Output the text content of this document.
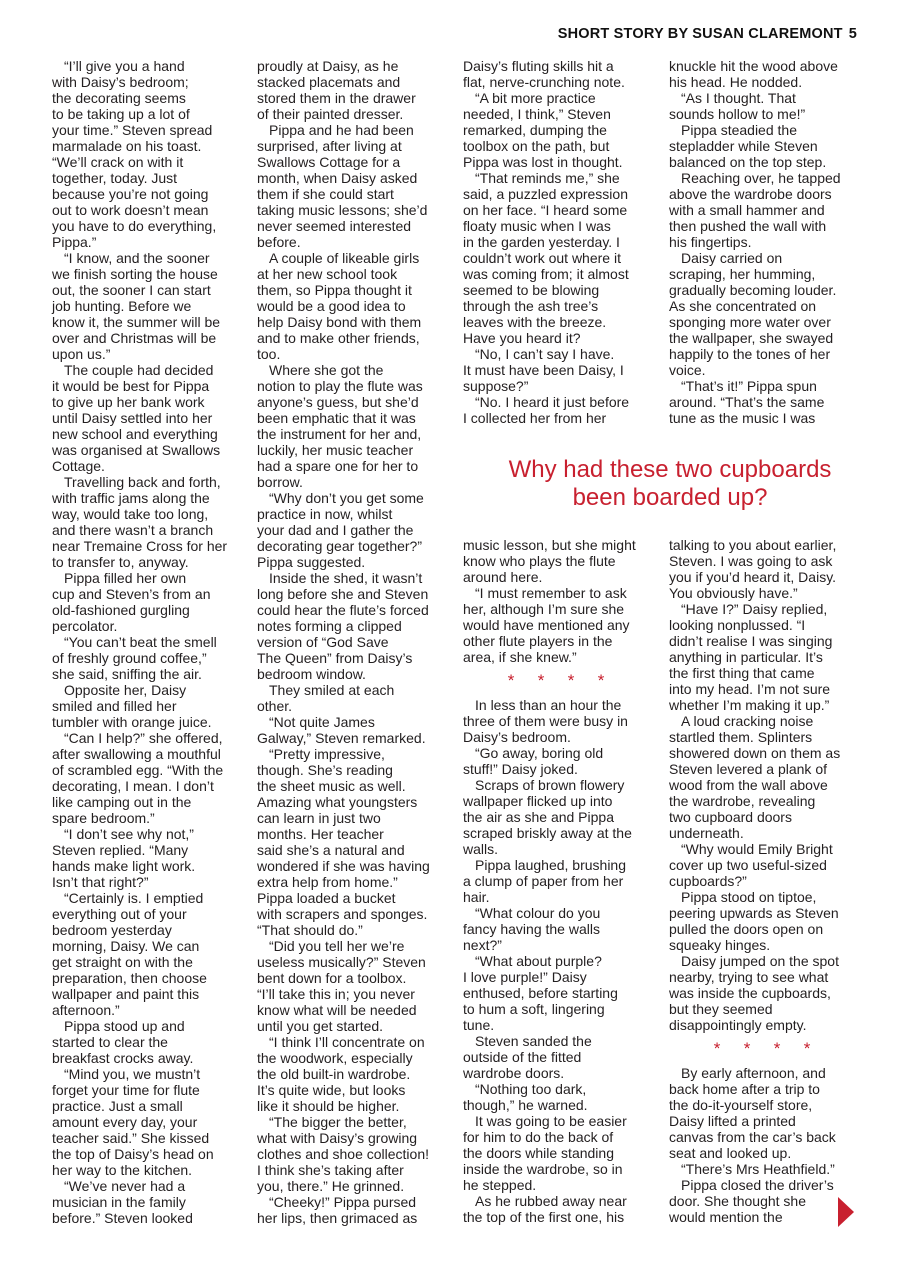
SHORT STORY BY SUSAN CLAREMONT 5
“I’ll give you a hand
with Daisy’s bedroom;
the decorating seems
to be taking up a lot of
your time.” Steven spread
marmalade on his toast.
“We’ll crack on with it
together, today. Just
because you’re not going
out to work doesn’t mean
you have to do everything,
Pippa.”
“I know, and the sooner
we finish sorting the house
out, the sooner I can start
job hunting. Before we
know it, the summer will be
over and Christmas will be
upon us.”
The couple had decided
it would be best for Pippa
to give up her bank work
until Daisy settled into her
new school and everything
was organised at Swallows
Cottage.
Travelling back and forth,
with traffic jams along the
way, would take too long,
and there wasn’t a branch
near Tremaine Cross for her
to transfer to, anyway.
Pippa filled her own
cup and Steven’s from an
old-fashioned gurgling
percolator.
“You can’t beat the smell
of freshly ground coffee,”
she said, sniffing the air.
Opposite her, Daisy
smiled and filled her
tumbler with orange juice.
“Can I help?” she offered,
after swallowing a mouthful
of scrambled egg. “With the
decorating, I mean. I don’t
like camping out in the
spare bedroom.”
“I don’t see why not,”
Steven replied. “Many
hands make light work.
Isn’t that right?”
“Certainly is. I emptied
everything out of your
bedroom yesterday
morning, Daisy. We can
get straight on with the
preparation, then choose
wallpaper and paint this
afternoon.”
Pippa stood up and
started to clear the
breakfast crocks away.
“Mind you, we mustn’t
forget your time for flute
practice. Just a small
amount every day, your
teacher said.” She kissed
the top of Daisy’s head on
her way to the kitchen.
“We’ve never had a
musician in the family
before.” Steven looked
proudly at Daisy, as he
stacked placemats and
stored them in the drawer
of their painted dresser.
Pippa and he had been
surprised, after living at
Swallows Cottage for a
month, when Daisy asked
them if she could start
taking music lessons; she’d
never seemed interested
before.
A couple of likeable girls
at her new school took
them, so Pippa thought it
would be a good idea to
help Daisy bond with them
and to make other friends,
too.
Where she got the
notion to play the flute was
anyone’s guess, but she’d
been emphatic that it was
the instrument for her and,
luckily, her music teacher
had a spare one for her to
borrow.
“Why don’t you get some
practice in now, whilst
your dad and I gather the
decorating gear together?”
Pippa suggested.
Inside the shed, it wasn’t
long before she and Steven
could hear the flute’s forced
notes forming a clipped
version of “God Save
The Queen” from Daisy’s
bedroom window.
They smiled at each
other.
“Not quite James
Galway,” Steven remarked.
“Pretty impressive,
though. She’s reading
the sheet music as well.
Amazing what youngsters
can learn in just two
months. Her teacher
said she’s a natural and
wondered if she was having
extra help from home.”
Pippa loaded a bucket
with scrapers and sponges.
“That should do.”
“Did you tell her we’re
useless musically?” Steven
bent down for a toolbox.
“I’ll take this in; you never
know what will be needed
until you get started.
“I think I’ll concentrate on
the woodwork, especially
the old built-in wardrobe.
It’s quite wide, but looks
like it should be higher.
“The bigger the better,
what with Daisy’s growing
clothes and shoe collection!
I think she’s taking after
you, there.” He grinned.
“Cheeky!” Pippa pursed
her lips, then grimaced as
Daisy’s fluting skills hit a
flat, nerve-crunching note.
“A bit more practice
needed, I think,” Steven
remarked, dumping the
toolbox on the path, but
Pippa was lost in thought.
“That reminds me,” she
said, a puzzled expression
on her face. “I heard some
floaty music when I was
in the garden yesterday. I
couldn’t work out where it
was coming from; it almost
seemed to be blowing
through the ash tree’s
leaves with the breeze.
Have you heard it?
“No, I can’t say I have.
It must have been Daisy, I
suppose?”
“No. I heard it just before
I collected her from her
knuckle hit the wood above
his head. He nodded.
“As I thought. That
sounds hollow to me!”
Pippa steadied the
stepladder while Steven
balanced on the top step.
Reaching over, he tapped
above the wardrobe doors
with a small hammer and
then pushed the wall with
his fingertips.
Daisy carried on
scraping, her humming,
gradually becoming louder.
As she concentrated on
sponging more water over
the wallpaper, she swayed
happily to the tones of her
voice.
“That’s it!” Pippa spun
around. “That’s the same
tune as the music I was
Why had these two cupboards
been boarded up?
music lesson, but she might
know who plays the flute
around here.
“I must remember to ask
her, although I’m sure she
would have mentioned any
other flute players in the
area, if she knew.”
* * * *
In less than an hour the
three of them were busy in
Daisy’s bedroom.
“Go away, boring old
stuff!” Daisy joked.
Scraps of brown flowery
wallpaper flicked up into
the air as she and Pippa
scraped briskly away at the
walls.
Pippa laughed, brushing
a clump of paper from her
hair.
“What colour do you
fancy having the walls
next?”
“What about purple?
I love purple!” Daisy
enthused, before starting
to hum a soft, lingering
tune.
Steven sanded the
outside of the fitted
wardrobe doors.
“Nothing too dark,
though,” he warned.
It was going to be easier
for him to do the back of
the doors while standing
inside the wardrobe, so in
he stepped.
As he rubbed away near
the top of the first one, his
talking to you about earlier,
Steven. I was going to ask
you if you’d heard it, Daisy.
You obviously have.”
“Have I?” Daisy replied,
looking nonplussed. “I
didn’t realise I was singing
anything in particular. It’s
the first thing that came
into my head. I’m not sure
whether I’m making it up.”
A loud cracking noise
startled them. Splinters
showered down on them as
Steven levered a plank of
wood from the wall above
the wardrobe, revealing
two cupboard doors
underneath.
“Why would Emily Bright
cover up two useful-sized
cupboards?”
Pippa stood on tiptoe,
peering upwards as Steven
pulled the doors open on
squeaky hinges.
Daisy jumped on the spot
nearby, trying to see what
was inside the cupboards,
but they seemed
disappointingly empty.
* * * *
By early afternoon, and
back home after a trip to
the do-it-yourself store,
Daisy lifted a printed
canvas from the car’s back
seat and looked up.
“There’s Mrs Heathfield.”
Pippa closed the driver’s
door. She thought she
would mention the
